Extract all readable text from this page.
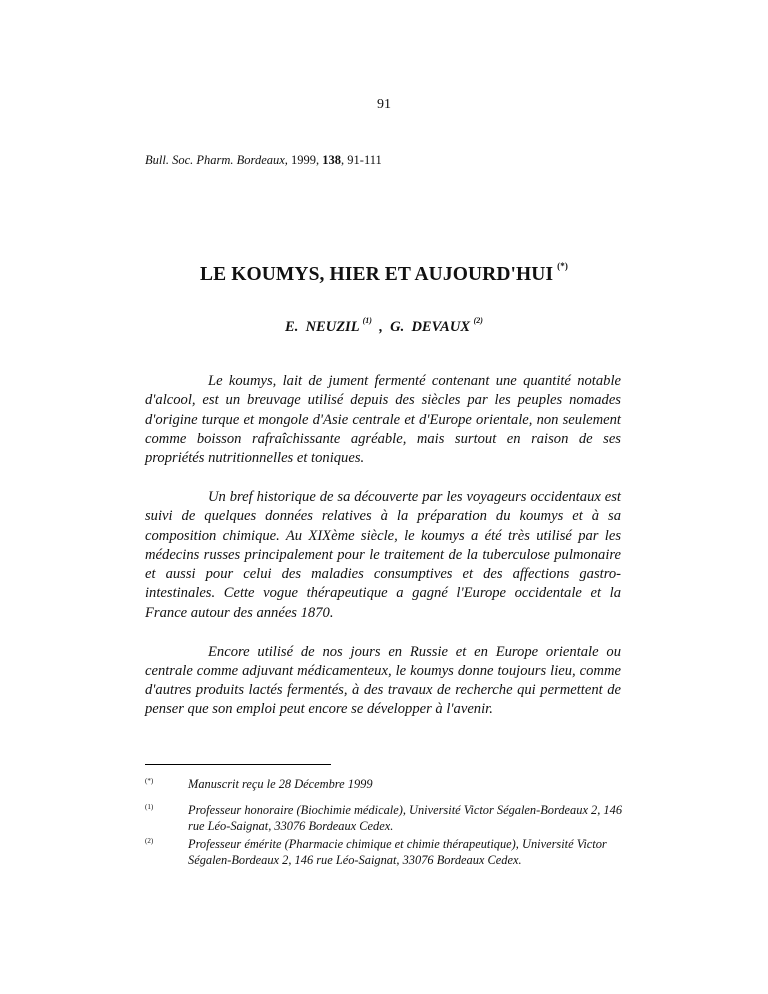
91
Bull. Soc. Pharm. Bordeaux, 1999, 138, 91-111
LE KOUMYS, HIER ET AUJOURD'HUI (*)
E.  NEUZIL $^{(1)}$  ,  G.  DEVAUX $^{(2)}$

Le koumys, lait de jument fermenté contenant une quantité notable d'alcool, est un breuvage utilisé depuis des siècles par les peuples nomades d'origine turque et mongole d'Asie centrale et d'Europe orientale, non seulement comme boisson rafraîchissante agréable, mais surtout en raison de ses propriétés nutritionnelles et toniques.

Un bref historique de sa découverte par les voyageurs occidentaux est suivi de quelques données relatives à la préparation du koumys et à sa composition chimique. Au XIXème siècle, le koumys a été très utilisé par les médecins russes principalement pour le traitement de la tuberculose pulmonaire et aussi pour celui des maladies consumptives et des affections gastro-intestinales. Cette vogue thérapeutique a gagné l'Europe occidentale et la France autour des années 1870.

Encore utilisé de nos jours en Russie et en Europe orientale ou centrale comme adjuvant médicamenteux, le koumys donne toujours lieu, comme d'autres produits lactés fermentés, à des travaux de recherche qui permettent de penser que son emploi peut encore se développer à l'avenir.

(*)	Manuscrit reçu le 28 Décembre 1999
(1)	Professeur honoraire (Biochimie médicale), Université Victor Ségalen-Bordeaux 2, 146 rue Léo-Saignat, 33076 Bordeaux Cedex.
(2)	Professeur émérite (Pharmacie chimique et chimie thérapeutique), Université Victor Ségalen-Bordeaux 2, 146 rue Léo-Saignat, 33076 Bordeaux Cedex.
